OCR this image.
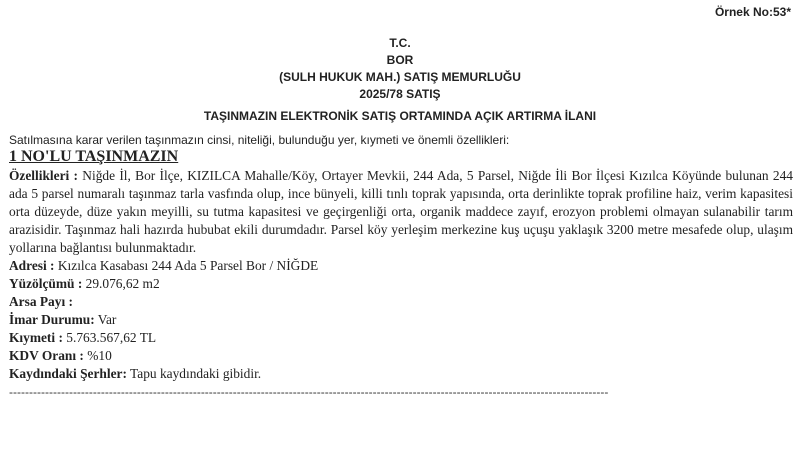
Örnek No:53*
T.C.
BOR
(SULH HUKUK MAH.) SATIŞ MEMURLUĞU
2025/78 SATIŞ
TAŞINMAZIN ELEKTRONİK SATIŞ ORTAMINDA AÇIK ARTIRMA İLANI
Satılmasına karar verilen taşınmazın cinsi, niteliği, bulunduğu yer, kıymeti ve önemli özellikleri:
1 NO'LU TAŞINMAZIN

Özellikleri : Niğde İl, Bor İlçe, KIZILCA Mahalle/Köy, Ortayer Mevkii, 244 Ada, 5 Parsel, Niğde İli Bor İlçesi Kızılca Köyünde bulunan 244 ada 5 parsel numaralı taşınmaz tarla vasfında olup, ince bünyeli, killi tınlı toprak yapısında, orta derinlikte toprak profiline haiz, verim kapasitesi orta düzeyde, düze yakın meyilli, su tutma kapasitesi ve geçirgenliği orta, organik maddece zayıf, erozyon problemi olmayan sulanabilir tarım arazisidir. Taşınmaz hali hazırda hububat ekili durumdadır. Parsel köy yerleşim merkezine kuş uçuşu yaklaşık 3200 metre mesafede olup, ulaşım yollarına bağlantısı bulunmaktadır.

Adresi : Kızılca Kasabası 244 Ada 5 Parsel Bor / NİĞDE
Yüzölçümü : 29.076,62 m2
Arsa Payı :
İmar Durumu: Var
Kıymeti : 5.763.567,62 TL
KDV Oranı : %10
Kaydındaki Şerhler: Tapu kaydındaki gibidir.
------------------------------------------------------------------------------------------------------------------------------------------------------
